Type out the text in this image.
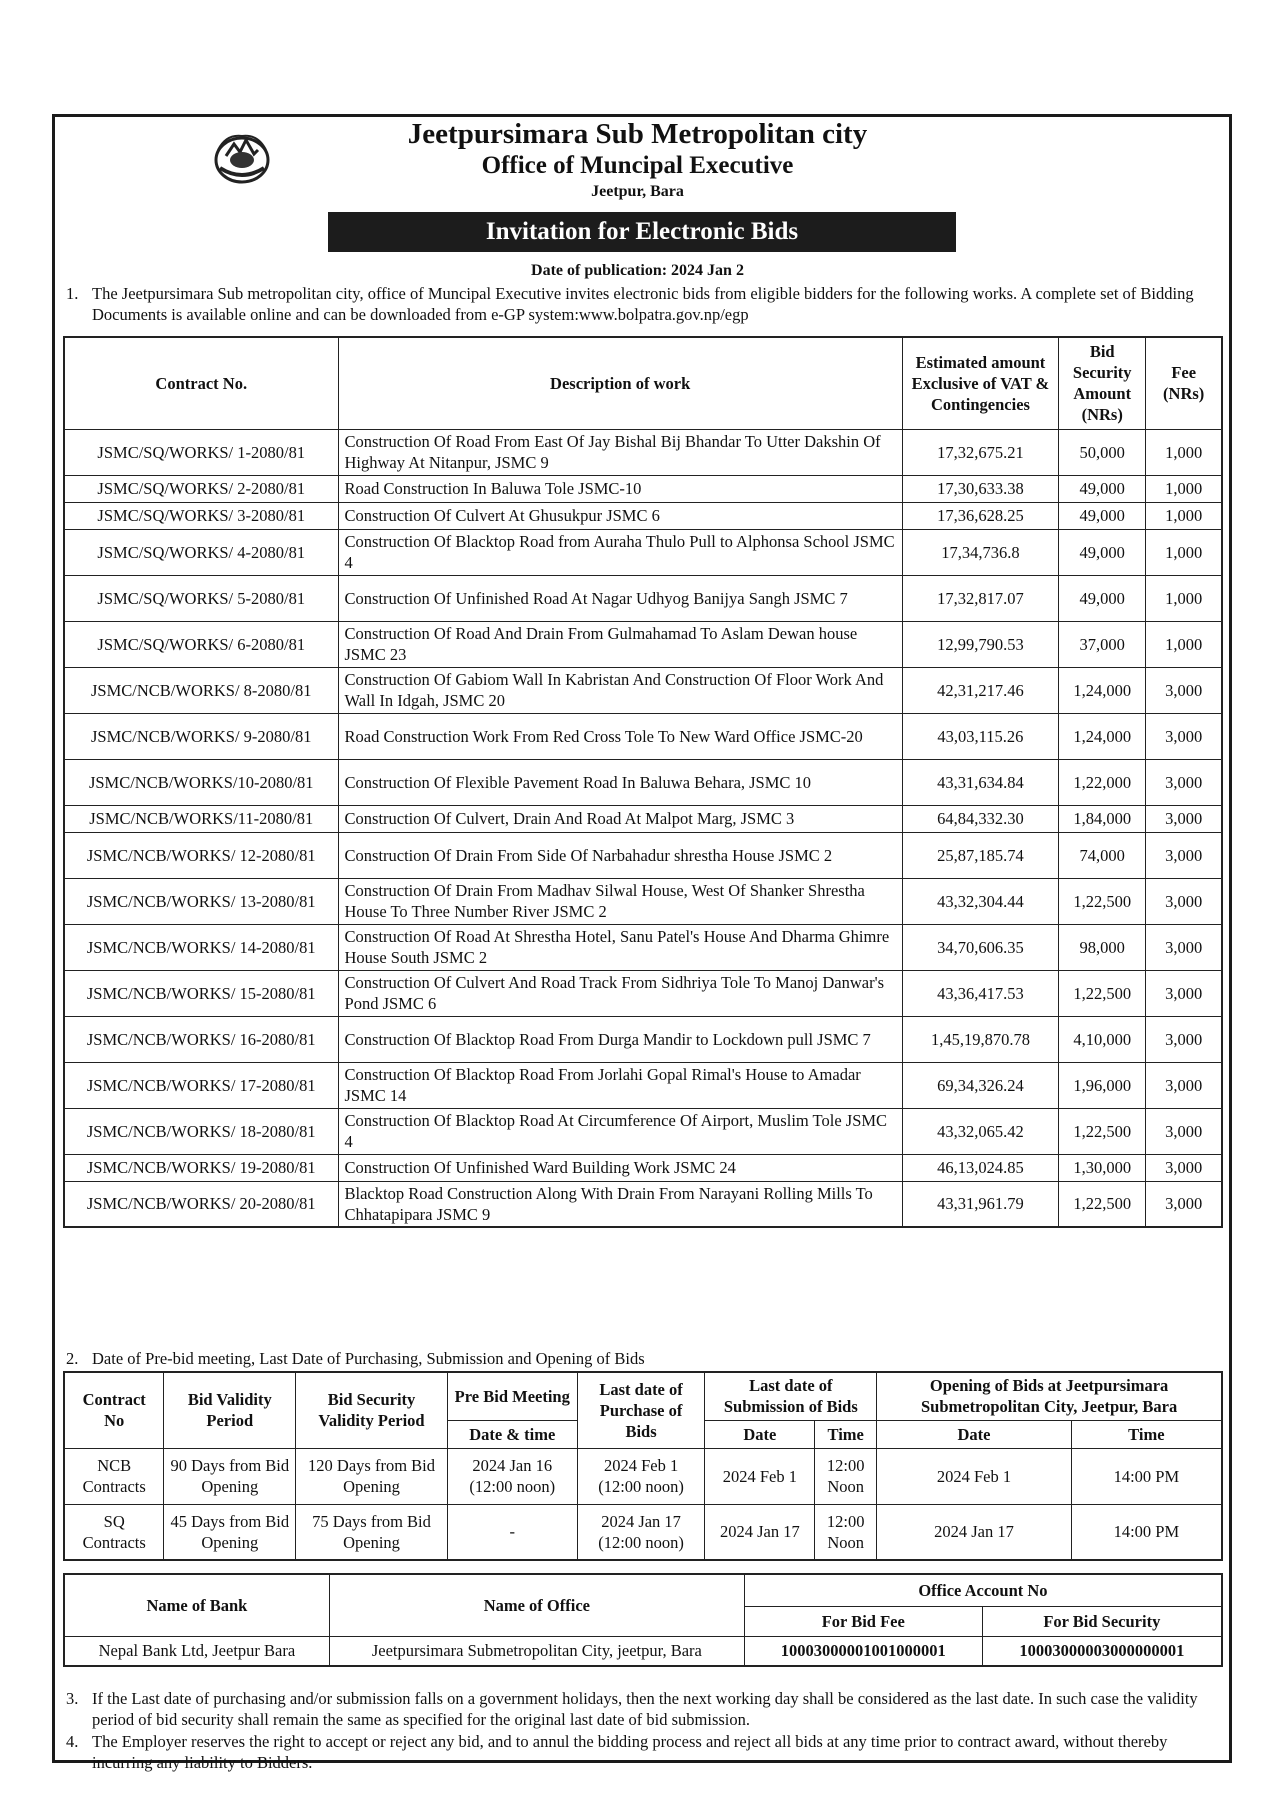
Jeetpursimara Sub Metropolitan city
Office of Muncipal Executive
Jeetpur, Bara
Invitation for Electronic Bids
Date of publication: 2024 Jan 2
1. The Jeetpursimara Sub metropolitan city, office of Muncipal Executive invites electronic bids from eligible bidders for the following works. A complete set of Bidding Documents is available online and can be downloaded from e-GP system:www.bolpatra.gov.np/egp
Contract No.	Description of work	Estimated amount Exclusive of VAT & Contingencies	Bid Security Amount (NRs)	Fee (NRs)
JSMC/SQ/WORKS/ 1-2080/81	Construction Of Road From East Of Jay Bishal Bij Bhandar To Utter Dakshin Of Highway At Nitanpur, JSMC 9	17,32,675.21	50,000	1,000
JSMC/SQ/WORKS/ 2-2080/81	Road Construction In Baluwa Tole JSMC-10	17,30,633.38	49,000	1,000
JSMC/SQ/WORKS/ 3-2080/81	Construction Of Culvert At Ghusukpur JSMC 6	17,36,628.25	49,000	1,000
JSMC/SQ/WORKS/ 4-2080/81	Construction Of Blacktop Road from Auraha Thulo Pull to Alphonsa School JSMC 4	17,34,736.8	49,000	1,000
JSMC/SQ/WORKS/ 5-2080/81	Construction Of Unfinished Road At Nagar Udhyog Banijya Sangh JSMC 7	17,32,817.07	49,000	1,000
JSMC/SQ/WORKS/ 6-2080/81	Construction Of Road And Drain From Gulmahamad To Aslam Dewan house JSMC 23	12,99,790.53	37,000	1,000
JSMC/NCB/WORKS/ 8-2080/81	Construction Of Gabiom Wall In Kabristan And Construction Of Floor Work And Wall In Idgah, JSMC 20	42,31,217.46	1,24,000	3,000
JSMC/NCB/WORKS/ 9-2080/81	Road Construction Work From Red Cross Tole To New Ward Office JSMC-20	43,03,115.26	1,24,000	3,000
JSMC/NCB/WORKS/10-2080/81	Construction Of Flexible Pavement Road In Baluwa Behara, JSMC 10	43,31,634.84	1,22,000	3,000
JSMC/NCB/WORKS/11-2080/81	Construction Of Culvert, Drain And Road At Malpot Marg, JSMC 3	64,84,332.30	1,84,000	3,000
JSMC/NCB/WORKS/ 12-2080/81	Construction Of Drain From Side Of Narbahadur shrestha House JSMC 2	25,87,185.74	74,000	3,000
JSMC/NCB/WORKS/ 13-2080/81	Construction Of Drain From Madhav Silwal House, West Of Shanker Shrestha House To Three Number River JSMC 2	43,32,304.44	1,22,500	3,000
JSMC/NCB/WORKS/ 14-2080/81	Construction Of Road At Shrestha Hotel, Sanu Patel's House And Dharma Ghimre House South JSMC 2	34,70,606.35	98,000	3,000
JSMC/NCB/WORKS/ 15-2080/81	Construction Of Culvert And Road Track From Sidhriya Tole To Manoj Danwar's Pond JSMC 6	43,36,417.53	1,22,500	3,000
JSMC/NCB/WORKS/ 16-2080/81	Construction Of Blacktop Road From Durga Mandir to Lockdown pull JSMC 7	1,45,19,870.78	4,10,000	3,000
JSMC/NCB/WORKS/ 17-2080/81	Construction Of Blacktop Road From Jorlahi Gopal Rimal's House to Amadar JSMC 14	69,34,326.24	1,96,000	3,000
JSMC/NCB/WORKS/ 18-2080/81	Construction Of Blacktop Road At Circumference Of Airport, Muslim Tole JSMC 4	43,32,065.42	1,22,500	3,000
JSMC/NCB/WORKS/ 19-2080/81	Construction Of Unfinished Ward Building Work JSMC 24	46,13,024.85	1,30,000	3,000
JSMC/NCB/WORKS/ 20-2080/81	Blacktop Road Construction Along With Drain From Narayani Rolling Mills To Chhatapipara JSMC 9	43,31,961.79	1,22,500	3,000
2. Date of Pre-bid meeting, Last Date of Purchasing, Submission and Opening of Bids
Contract No	Bid Validity Period	Bid Security Validity Period	Pre Bid Meeting	Last date of Purchase of Bids	Last date of Submission of Bids		Opening of Bids at Jeetpursimara Submetropolitan City, Jeetpur, Bara	

			Date & time		Date	Time	Date	Time
NCB Contracts	90 Days from Bid Opening	120 Days from Bid Opening	2024 Jan 16 (12:00 noon)	2024 Feb 1 (12:00 noon)	2024 Feb 1	12:00 Noon	2024 Feb 1	14:00 PM
SQ Contracts	45 Days from Bid Opening	75 Days from Bid Opening	-	2024 Jan 17 (12:00 noon)	2024 Jan 17	12:00 Noon	2024 Jan 17	14:00 PM
Name of Bank	Name of Office	Office Account No	
		For Bid Fee	For Bid Security
Nepal Bank Ltd, Jeetpur Bara	Jeetpursimara Submetropolitan City, jeetpur, Bara	10003000001001000001	10003000003000000001
3. If the Last date of purchasing and/or submission falls on a government holidays, then the next working day shall be considered as the last date. In such case the validity period of bid security shall remain the same as specified for the original last date of bid submission.
4. The Employer reserves the right to accept or reject any bid, and to annul the bidding process and reject all bids at any time prior to contract award, without thereby incurring any liability to Bidders.
